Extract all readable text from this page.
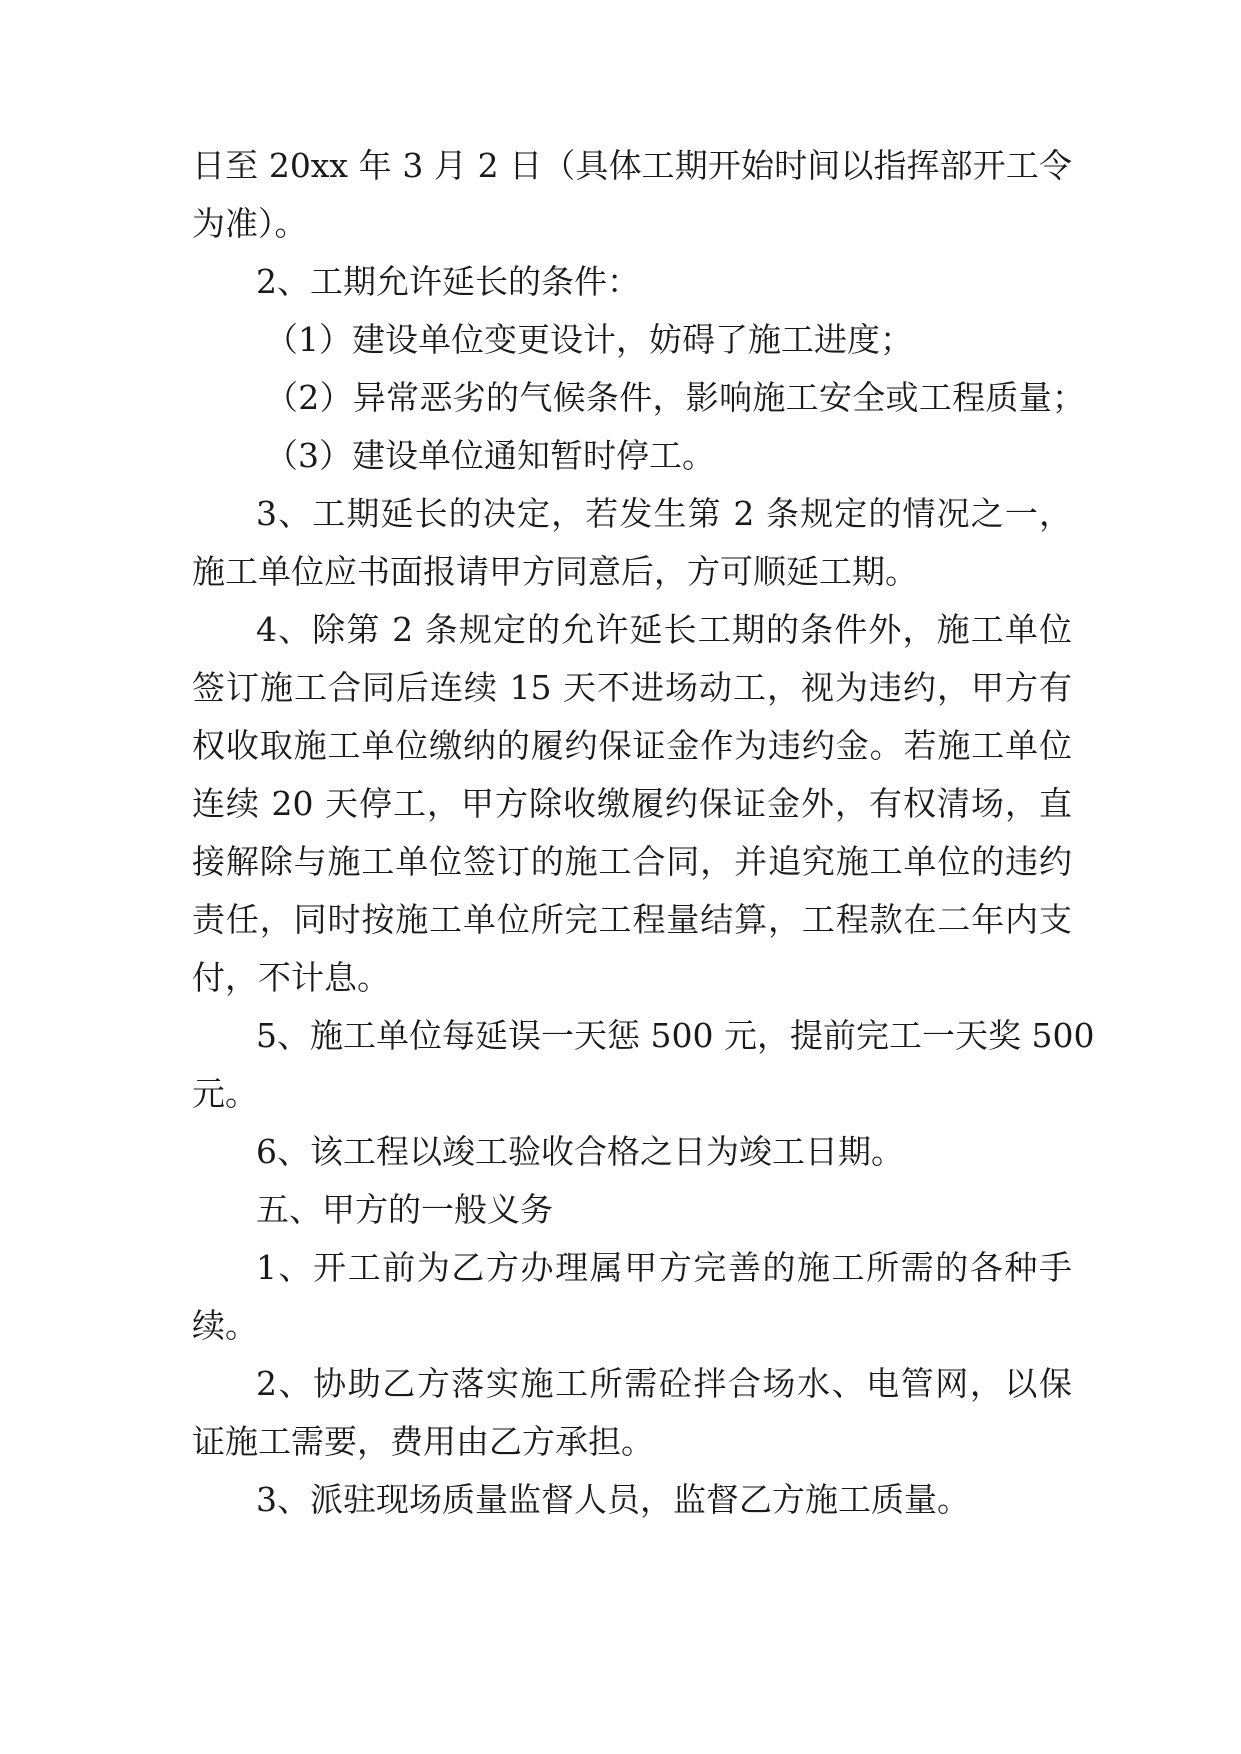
日至 20xx 年 3 月 2 日（具体工期开始时间以指挥部开工令
为准）。
2、工期允许延长的条件：
（1）建设单位变更设计，妨碍了施工进度；
（2）异常恶劣的气候条件，影响施工安全或工程质量；
（3）建设单位通知暂时停工。
3、工期延长的决定，若发生第 2 条规定的情况之一，
施工单位应书面报请甲方同意后，方可顺延工期。
4、除第 2 条规定的允许延长工期的条件外，施工单位
签订施工合同后连续 15 天不进场动工，视为违约，甲方有
权收取施工单位缴纳的履约保证金作为违约金。若施工单位
连续 20 天停工，甲方除收缴履约保证金外，有权清场，直
接解除与施工单位签订的施工合同，并追究施工单位的违约
责任，同时按施工单位所完工程量结算，工程款在二年内支
付，不计息。
5、施工单位每延误一天惩 500 元，提前完工一天奖 500
元。
6、该工程以竣工验收合格之日为竣工日期。
五、甲方的一般义务
1、开工前为乙方办理属甲方完善的施工所需的各种手
续。
2、协助乙方落实施工所需砼拌合场水、电管网，以保
证施工需要，费用由乙方承担。
3、派驻现场质量监督人员，监督乙方施工质量。
